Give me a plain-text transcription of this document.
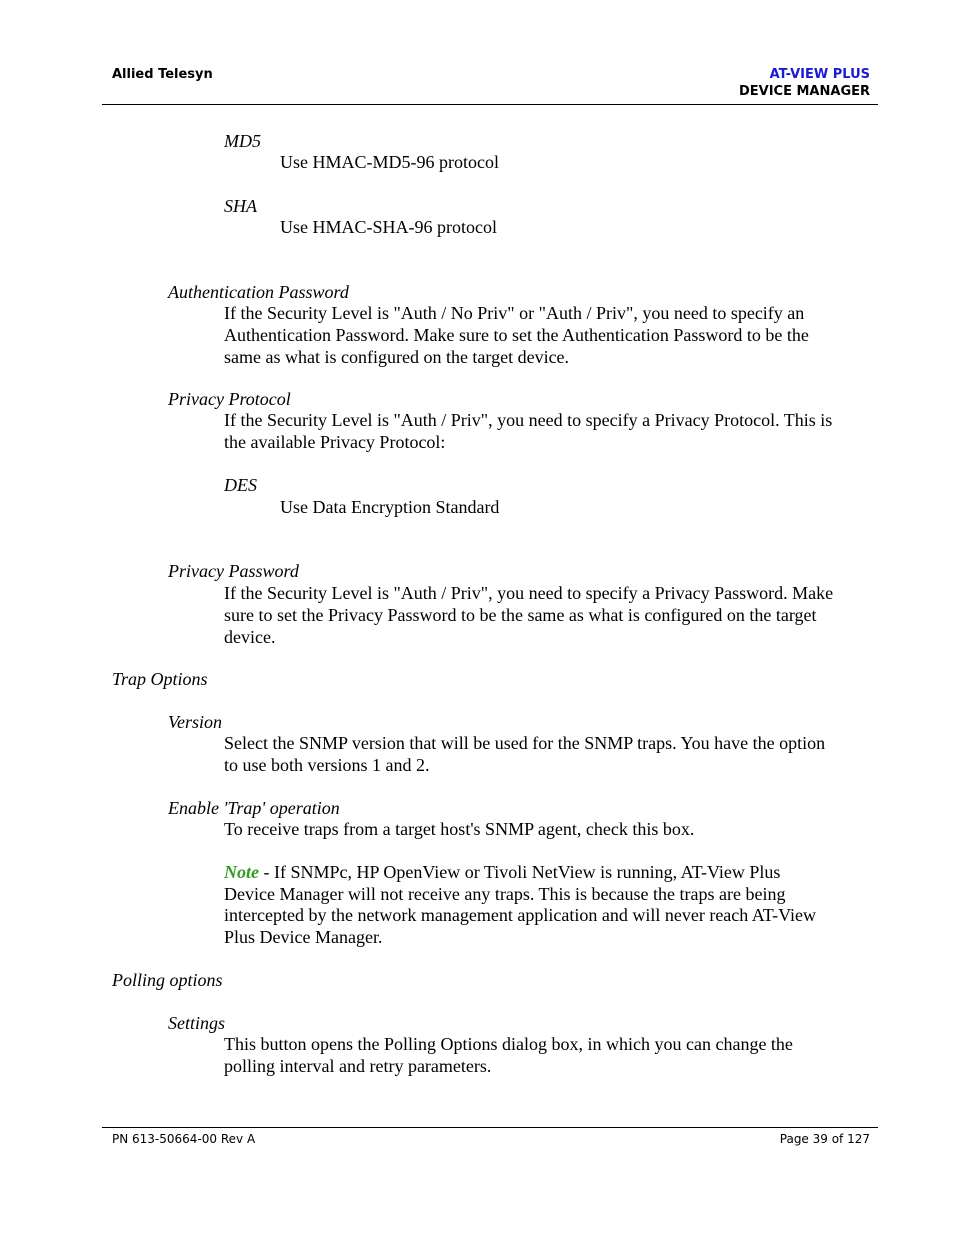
Allied Telesyn	AT-VIEW PLUS
DEVICE MANAGER
MD5
Use HMAC-MD5-96 protocol
SHA
Use HMAC-SHA-96 protocol
Authentication Password
If the Security Level is "Auth / No Priv" or "Auth / Priv", you need to specify an
Authentication Password. Make sure to set the Authentication Password to be the
same as what is configured on the target device.
Privacy Protocol
If the Security Level is "Auth / Priv", you need to specify a Privacy Protocol. This is
the available Privacy Protocol:
DES
Use Data Encryption Standard
Privacy Password
If the Security Level is "Auth / Priv", you need to specify a Privacy Password. Make
sure to set the Privacy Password to be the same as what is configured on the target
device.
Trap Options
Version
Select the SNMP version that will be used for the SNMP traps. You have the option
to use both versions 1 and 2.
Enable 'Trap' operation
To receive traps from a target host's SNMP agent, check this box.
Note - If SNMPc, HP OpenView or Tivoli NetView is running, AT-View Plus
Device Manager will not receive any traps. This is because the traps are being
intercepted by the network management application and will never reach AT-View
Plus Device Manager.
Polling options
Settings
This button opens the Polling Options dialog box, in which you can change the
polling interval and retry parameters.
PN 613-50664-00 Rev A	Page 39 of 127
